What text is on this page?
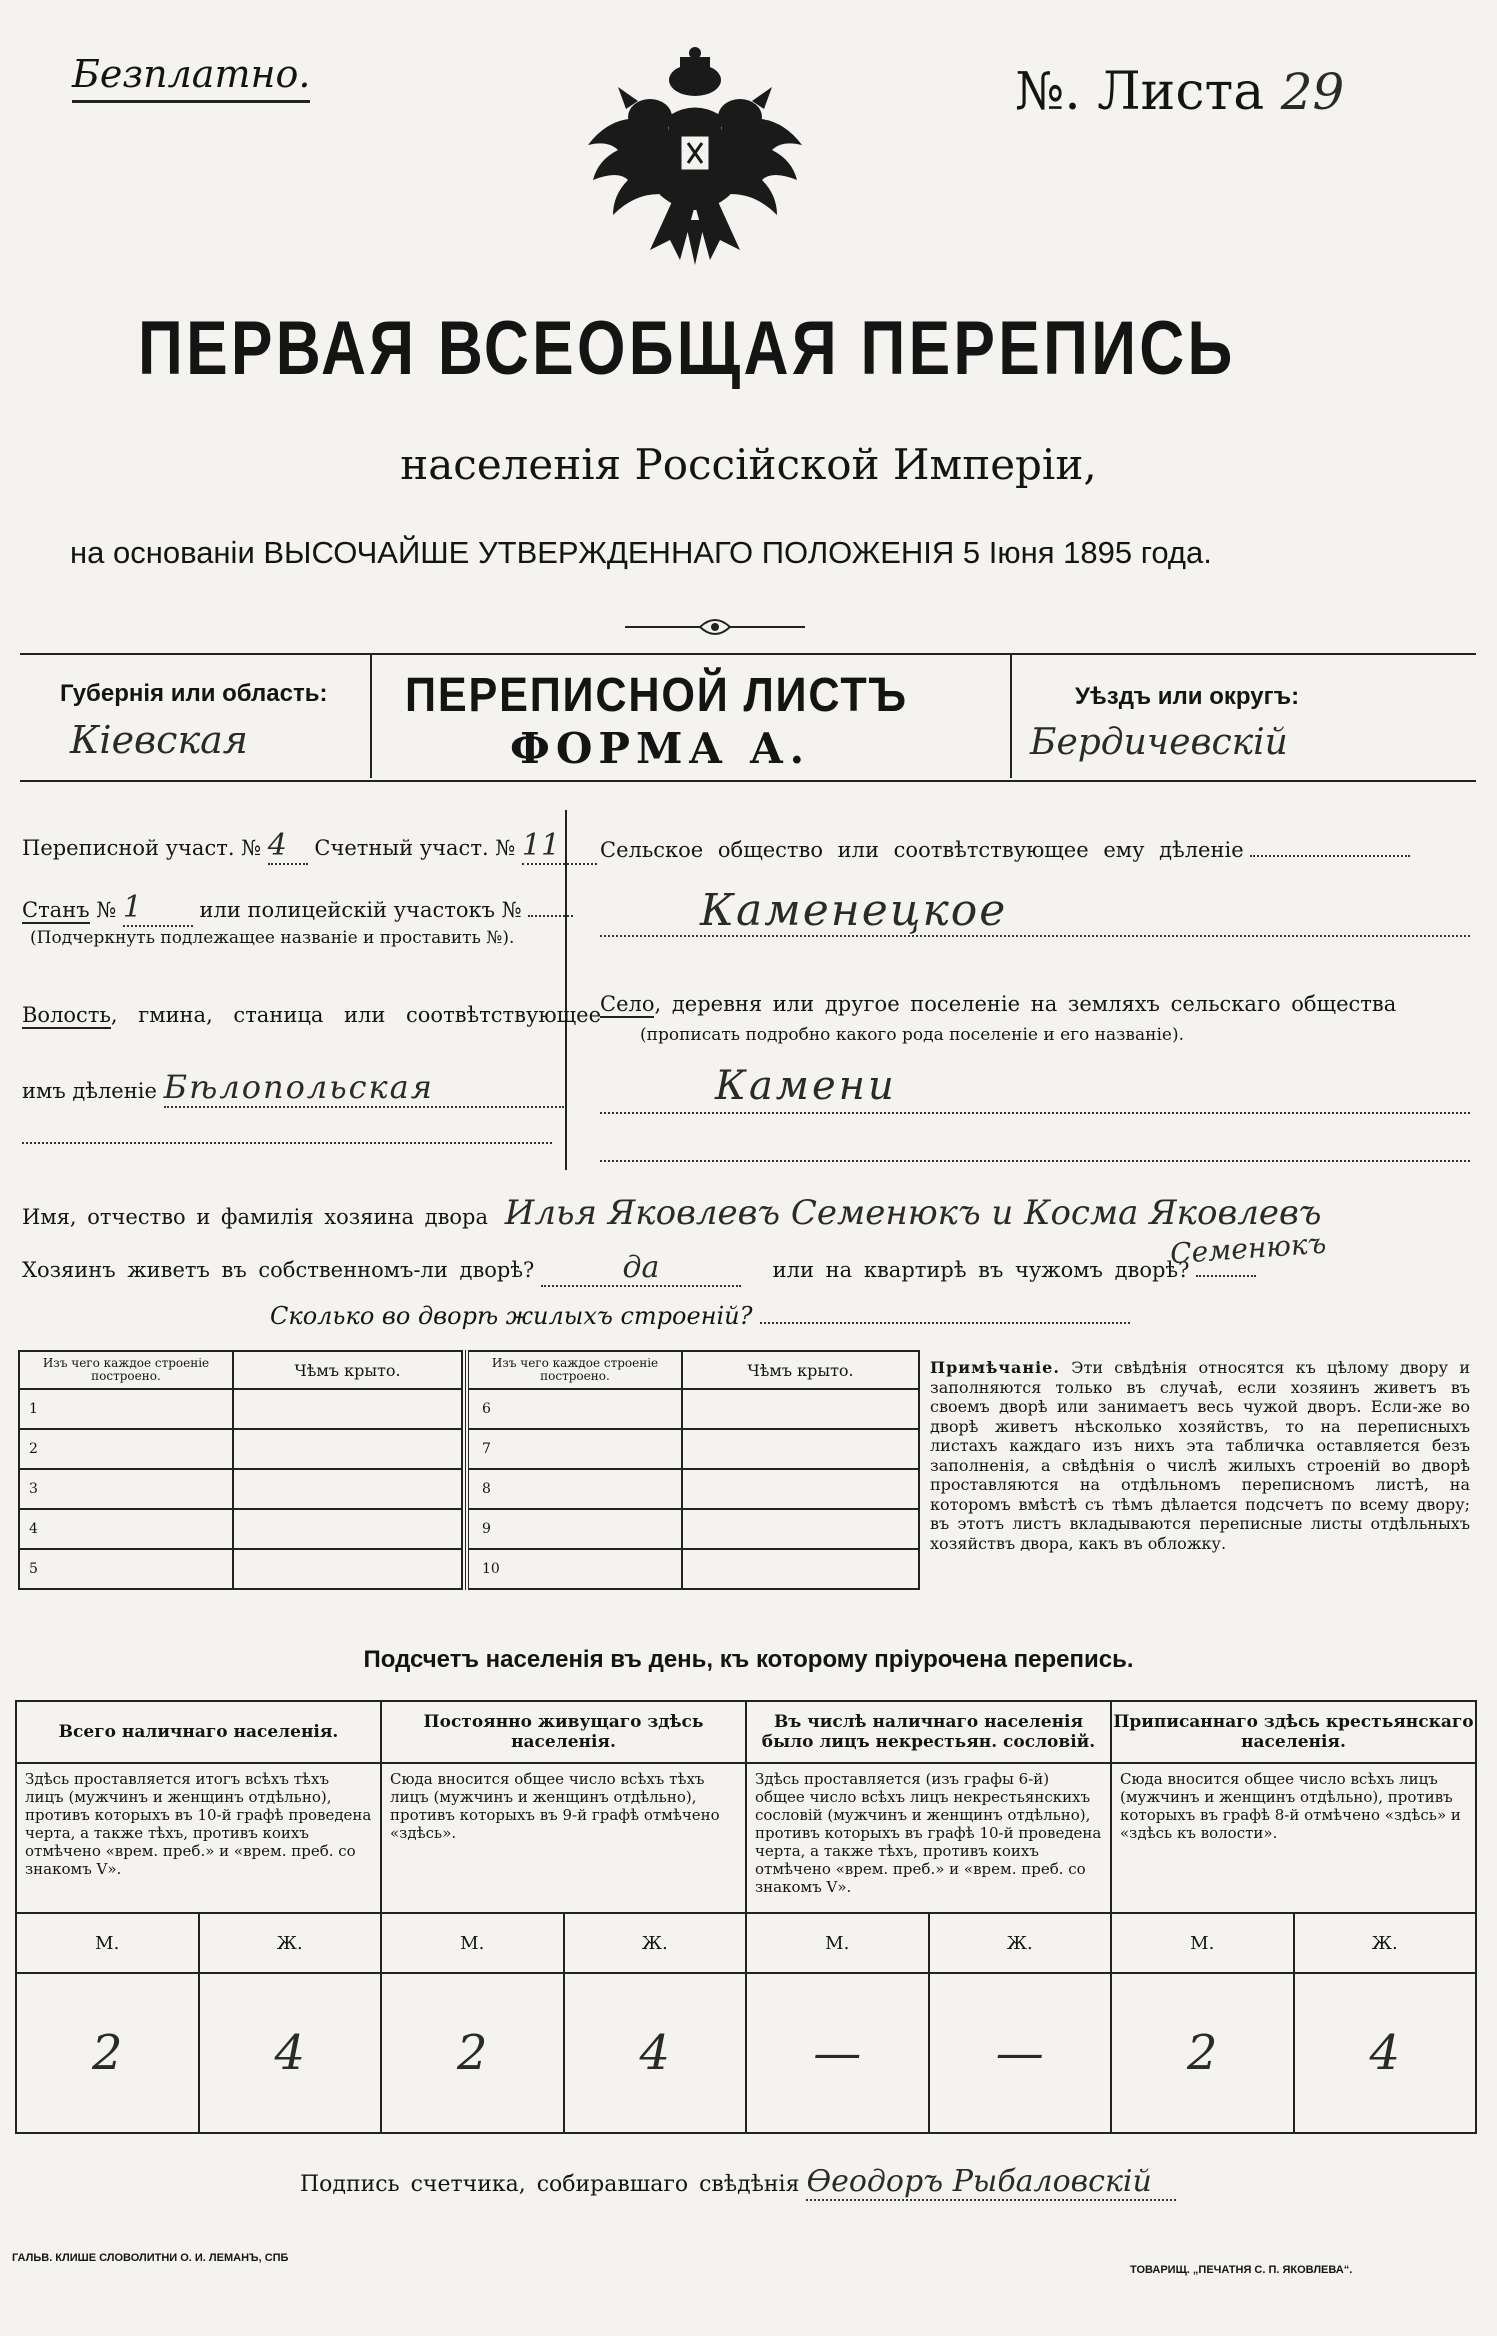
Безплатно.	№. Листа 29
ПЕРВАЯ ВСЕОБЩАЯ ПЕРЕПИСЬ
населенія Россійской Имперіи,
на основаніи ВЫСОЧАЙШЕ УТВЕРЖДЕННАГО ПОЛОЖЕНІЯ 5 Іюня 1895 года.
Губернія или область:
Кіевская
ПЕРЕПИСНОЙ ЛИСТЪ
ФОРМА А.
Уѣздъ или округъ:
Бердичевскій
Переписной участ. № 4 Счетный участ. № 11
Станъ № 1	или полицейскій участокъ №
(Подчеркнуть подлежащее названіе и проставить №).
Волость, гмина, станица или соотвѣтствующее
имъ дѣленіе Бѣлопольская
Сельское общество или соотвѣтствующее ему дѣленіе
Каменецкое
Село, деревня или другое поселеніе на земляхъ сельскаго общества
(прописать подробно какого рода поселеніе и его названіе).
Камени
Имя, отчество и фамилія хозяина двора Илья Яковлевъ Семенюкъ и Косма Яковлевъ
Хозяинъ живетъ въ собственномъ-ли дворѣ?	да	или на квартирѣ въ чужомъ дворѣ?
Семенюкъ
Сколько во дворѣ жилыхъ строеній?
Изъ чего каждое строеніе построено.	Чѣмъ крыто.
1	
2	
3	
4	
5	
Изъ чего каждое строеніе построено.	Чѣмъ крыто.
6	
7	
8	
9	
10	
Примѣчаніе. Эти свѣдѣнія относятся къ цѣлому двору и заполняются только въ случаѣ, если хозяинъ живетъ въ своемъ дворѣ или занимаетъ весь чужой дворъ. Если-же во дворѣ живетъ нѣсколько хозяйствъ, то на переписныхъ листахъ каждаго изъ нихъ эта табличка оставляется безъ заполненія, а свѣдѣнія о числѣ жилыхъ строеній во дворѣ проставляются на отдѣльномъ переписномъ листѣ, на которомъ вмѣстѣ съ тѣмъ дѣлается подсчетъ по всему двору; въ этотъ листъ вкладываются переписные листы отдѣльныхъ хозяйствъ двора, какъ въ обложку.
Подсчетъ населенія въ день, къ которому пріурочена перепись.
Всего наличнаго населенія.		Постоянно живущаго здѣсь населенія.		Въ числѣ наличнаго населенія было лицъ некрестьян. сословій.		Приписаннаго здѣсь крестьянскаго населенія.	
Здѣсь проставляется итогъ всѣхъ тѣхъ лицъ (мужчинъ и женщинъ отдѣльно), противъ которыхъ въ 10-й графѣ проведена черта, а также тѣхъ, противъ коихъ отмѣчено «врем. преб.» и «врем. преб. со знакомъ V».		Сюда вносится общее число всѣхъ тѣхъ лицъ (мужчинъ и женщинъ отдѣльно), противъ которыхъ въ 9-й графѣ отмѣчено «здѣсь».		Здѣсь проставляется (изъ графы 6-й) общее число всѣхъ лицъ некрестьянскихъ сословій (мужчинъ и женщинъ отдѣльно), противъ которыхъ въ графѣ 10-й проведена черта, а также тѣхъ, противъ коихъ отмѣчено «врем. преб.» и «врем. преб. со знакомъ V».		Сюда вносится общее число всѣхъ лицъ (мужчинъ и женщинъ отдѣльно), противъ которыхъ въ графѣ 8-й отмѣчено «здѣсь» и «здѣсь къ волости».	
М.	Ж.	М.	Ж.	М.	Ж.	М.	Ж.
2	4	2	4	—	—	2	4
Подпись счетчика, собиравшаго свѣдѣнія Өеодоръ Рыбаловскій
ГАЛЬВ. КЛИШЕ СЛОВОЛИТНИ О. И. ЛЕМАНЪ, СПБ
ТОВАРИЩ. „ПЕЧАТНЯ С. П. ЯКОВЛЕВА“.
